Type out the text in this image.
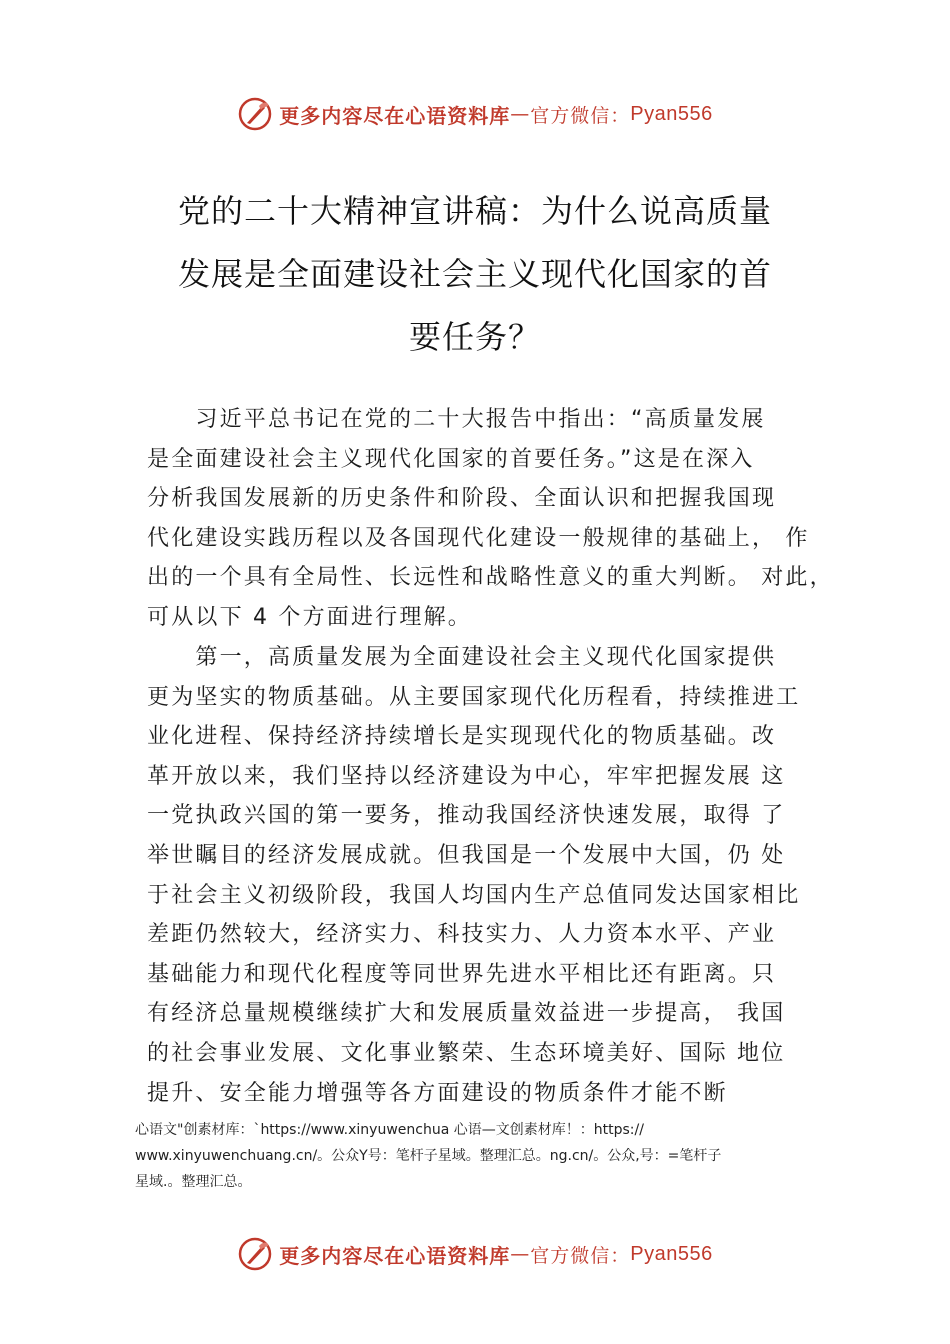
更多内容尽在心语资料库 — 官方微信： Pyan556
党的二十大精神宣讲稿：为什么说高质量
发展是全面建设社会主义现代化国家的首
要任务？
　　习近平总书记在党的二十大报告中指出：“高质量发展
是全面建设社会主义现代化国家的首要任务。”这是在深入
分析我国发展新的历史条件和阶段、全面认识和把握我国现
代化建设实践历程以及各国现代化建设一般规律的基础上， 作
出的一个具有全局性、长远性和战略性意义的重大判断。 对此，
可从以下 4 个方面进行理解。
　　第一，高质量发展为全面建设社会主义现代化国家提供
更为坚实的物质基础。从主要国家现代化历程看，持续推进工
业化进程、保持经济持续增长是实现现代化的物质基础。改
革开放以来，我们坚持以经济建设为中心，牢牢把握发展 这
一党执政兴国的第一要务，推动我国经济快速发展，取得 了
举世瞩目的经济发展成就。但我国是一个发展中大国，仍 处
于社会主义初级阶段，我国人均国内生产总值同发达国家相比
差距仍然较大，经济实力、科技实力、人力资本水平、产业
基础能力和现代化程度等同世界先进水平相比还有距离。只
有经济总量规模继续扩大和发展质量效益进一步提高， 我国
的社会事业发展、文化事业繁荣、生态环境美好、国际 地位
提升、安全能力增强等各方面建设的物质条件才能不断
心语文"创素材库：`https://www.xinyuwenchua 心语—文创素材库！：https://
www.xinyuwenchuang.cn/。公众Y号：笔杆子星域。整理汇总。ng.cn/。公众,号：=笔杆子
星域.。整理汇总。
更多内容尽在心语资料库 — 官方微信： Pyan556
